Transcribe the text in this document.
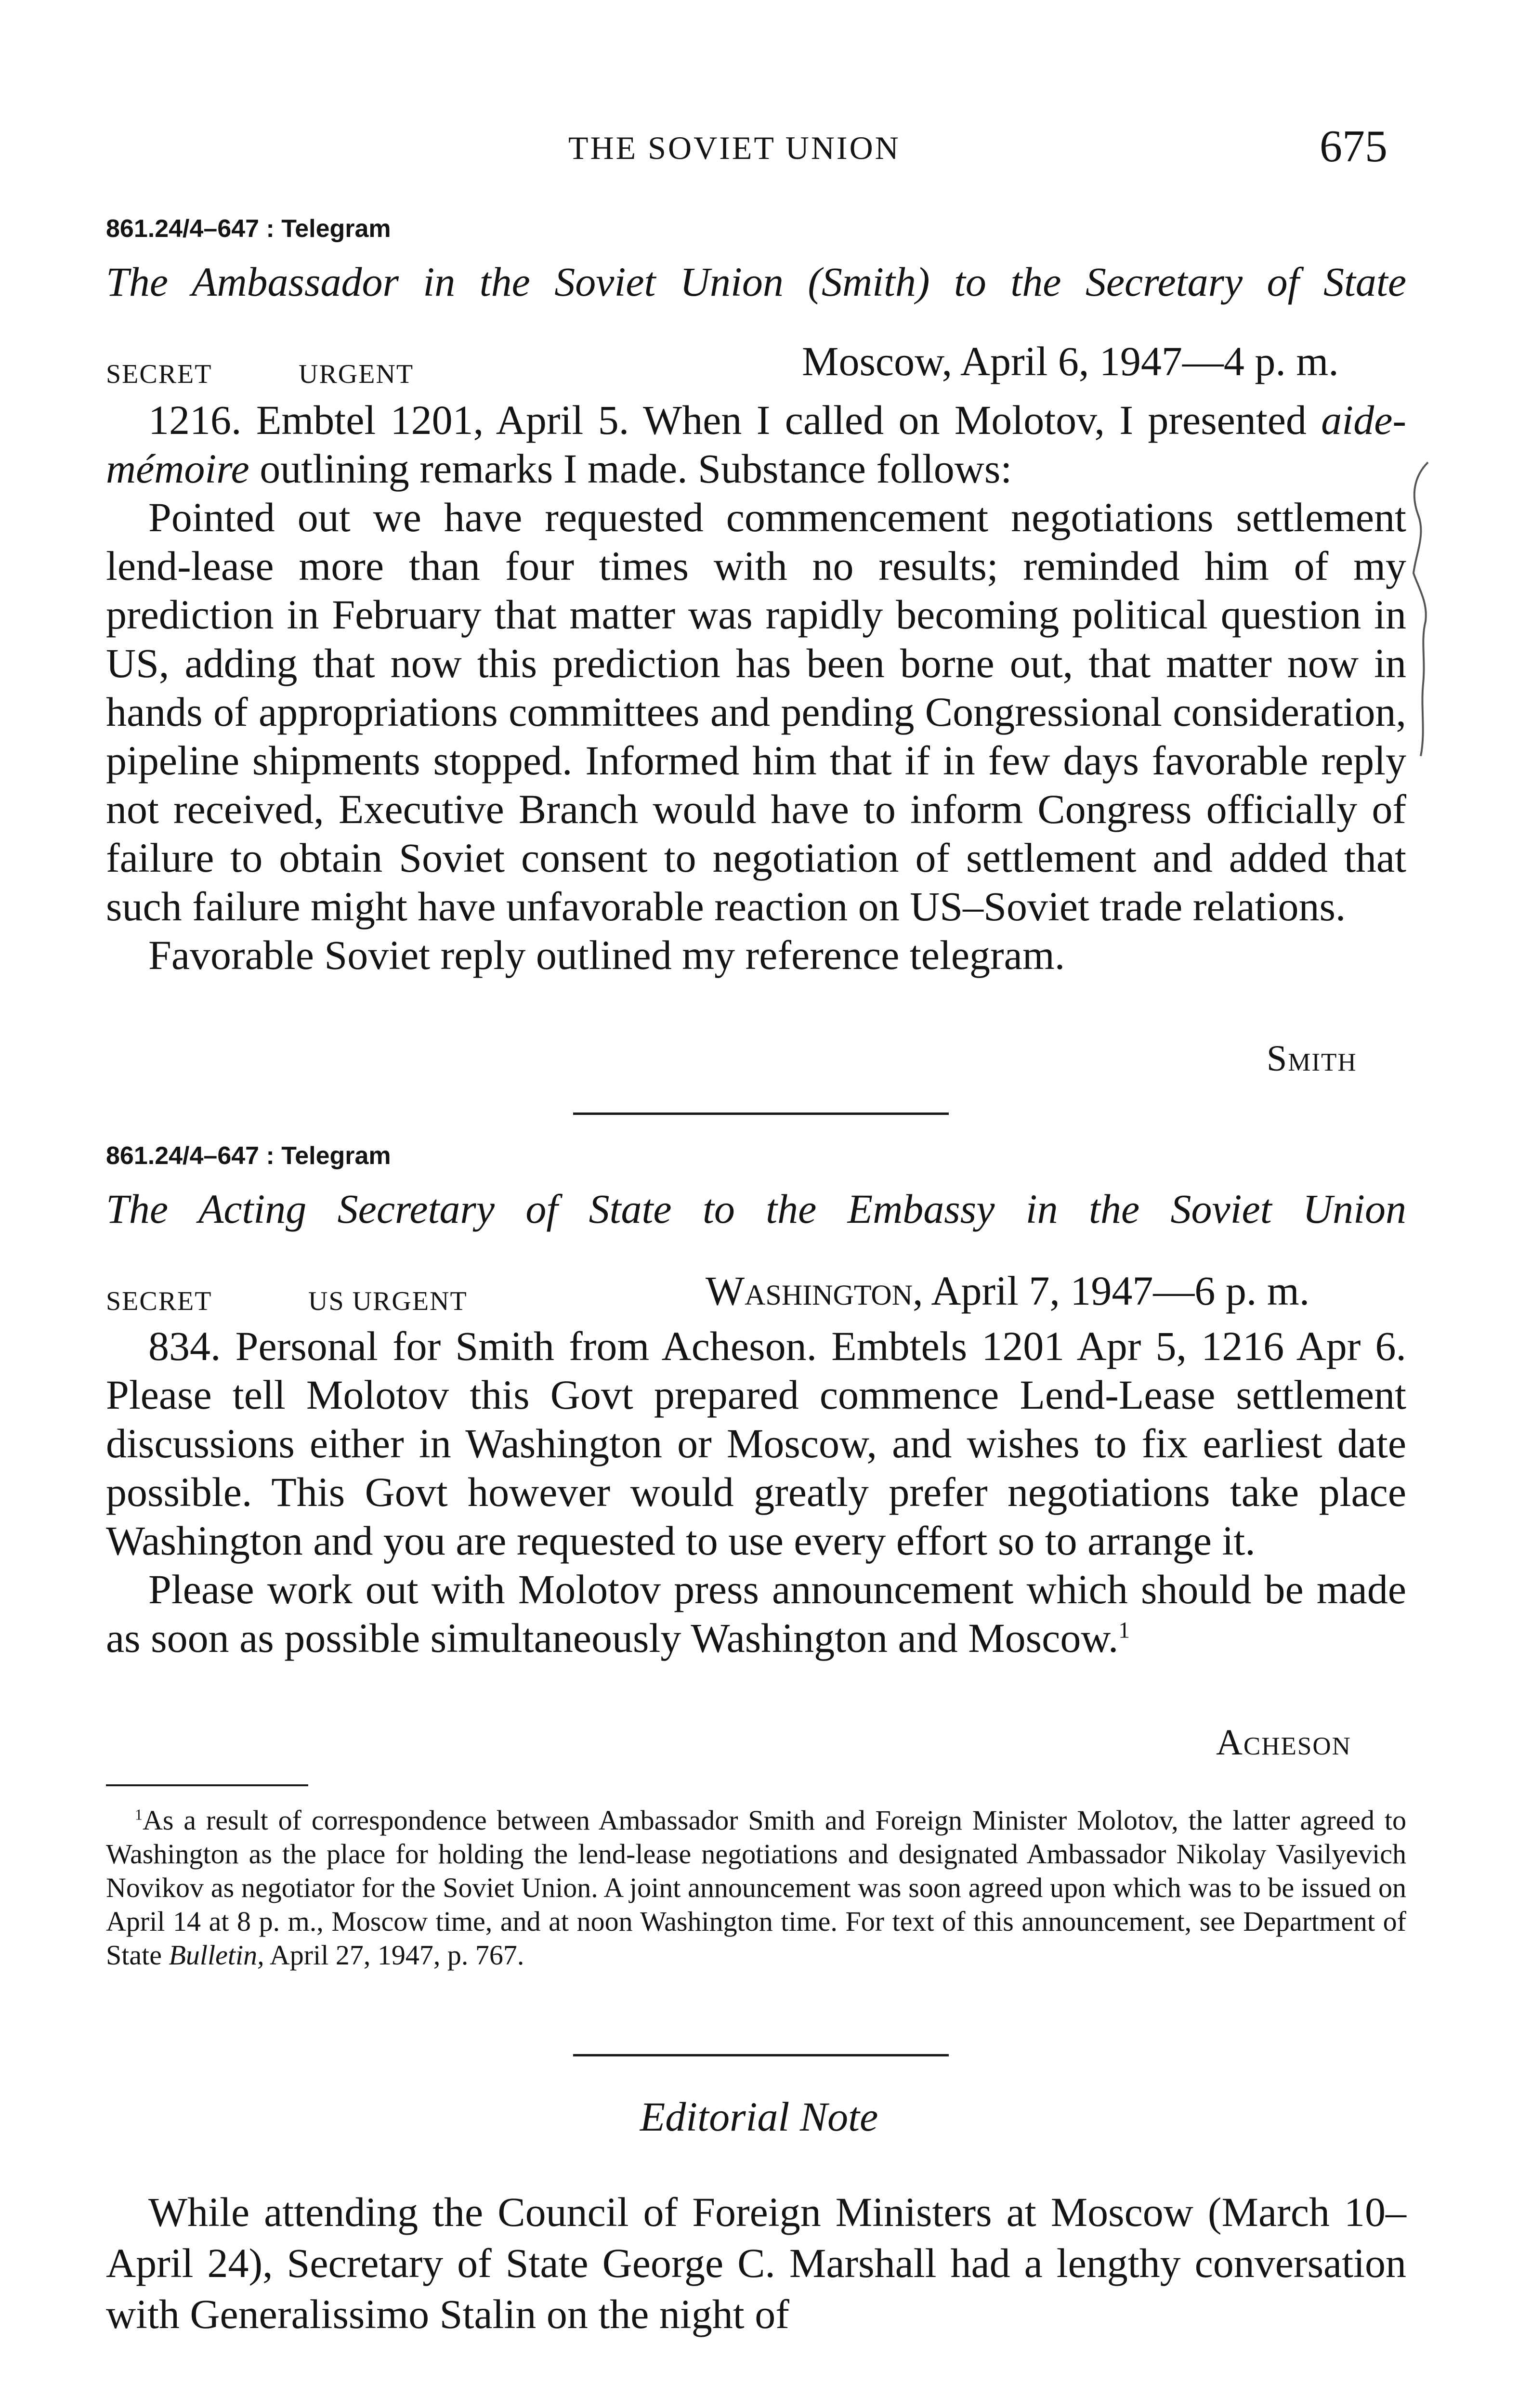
THE SOVIET UNION	675
861.24/4–647 : Telegram
The Ambassador in the Soviet Union (Smith) to the Secretary of State
SECRET	URGENT	Moscow, April 6, 1947—4 p. m.

1216. Embtel 1201, April 5. When I called on Molotov, I presented aide-mémoire outlining remarks I made. Substance follows:

Pointed out we have requested commencement negotiations settlement lend-lease more than four times with no results; reminded him of my prediction in February that matter was rapidly becoming political question in US, adding that now this prediction has been borne out, that matter now in hands of appropriations committees and pending Congressional consideration, pipeline shipments stopped. Informed him that if in few days favorable reply not received, Executive Branch would have to inform Congress officially of failure to obtain Soviet consent to negotiation of settlement and added that such failure might have unfavorable reaction on US–Soviet trade relations.

Favorable Soviet reply outlined my reference telegram.

Smith
861.24/4–647 : Telegram
The Acting Secretary of State to the Embassy in the Soviet Union
SECRET	US URGENT	Washington, April 7, 1947—6 p. m.

834. Personal for Smith from Acheson. Embtels 1201 Apr 5, 1216 Apr 6. Please tell Molotov this Govt prepared commence Lend-Lease settlement discussions either in Washington or Moscow, and wishes to fix earliest date possible. This Govt however would greatly prefer negotiations take place Washington and you are requested to use every effort so to arrange it.

Please work out with Molotov press announcement which should be made as soon as possible simultaneously Washington and Moscow.$^1$

Acheson

$^1$As a result of correspondence between Ambassador Smith and Foreign Minister Molotov, the latter agreed to Washington as the place for holding the lend-lease negotiations and designated Ambassador Nikolay Vasilyevich Novikov as negotiator for the Soviet Union. A joint announcement was soon agreed upon which was to be issued on April 14 at 8 p. m., Moscow time, and at noon Washington time. For text of this announcement, see Department of State Bulletin, April 27, 1947, p. 767.

Editorial Note

While attending the Council of Foreign Ministers at Moscow (March 10–April 24), Secretary of State George C. Marshall had a lengthy conversation with Generalissimo Stalin on the night of
